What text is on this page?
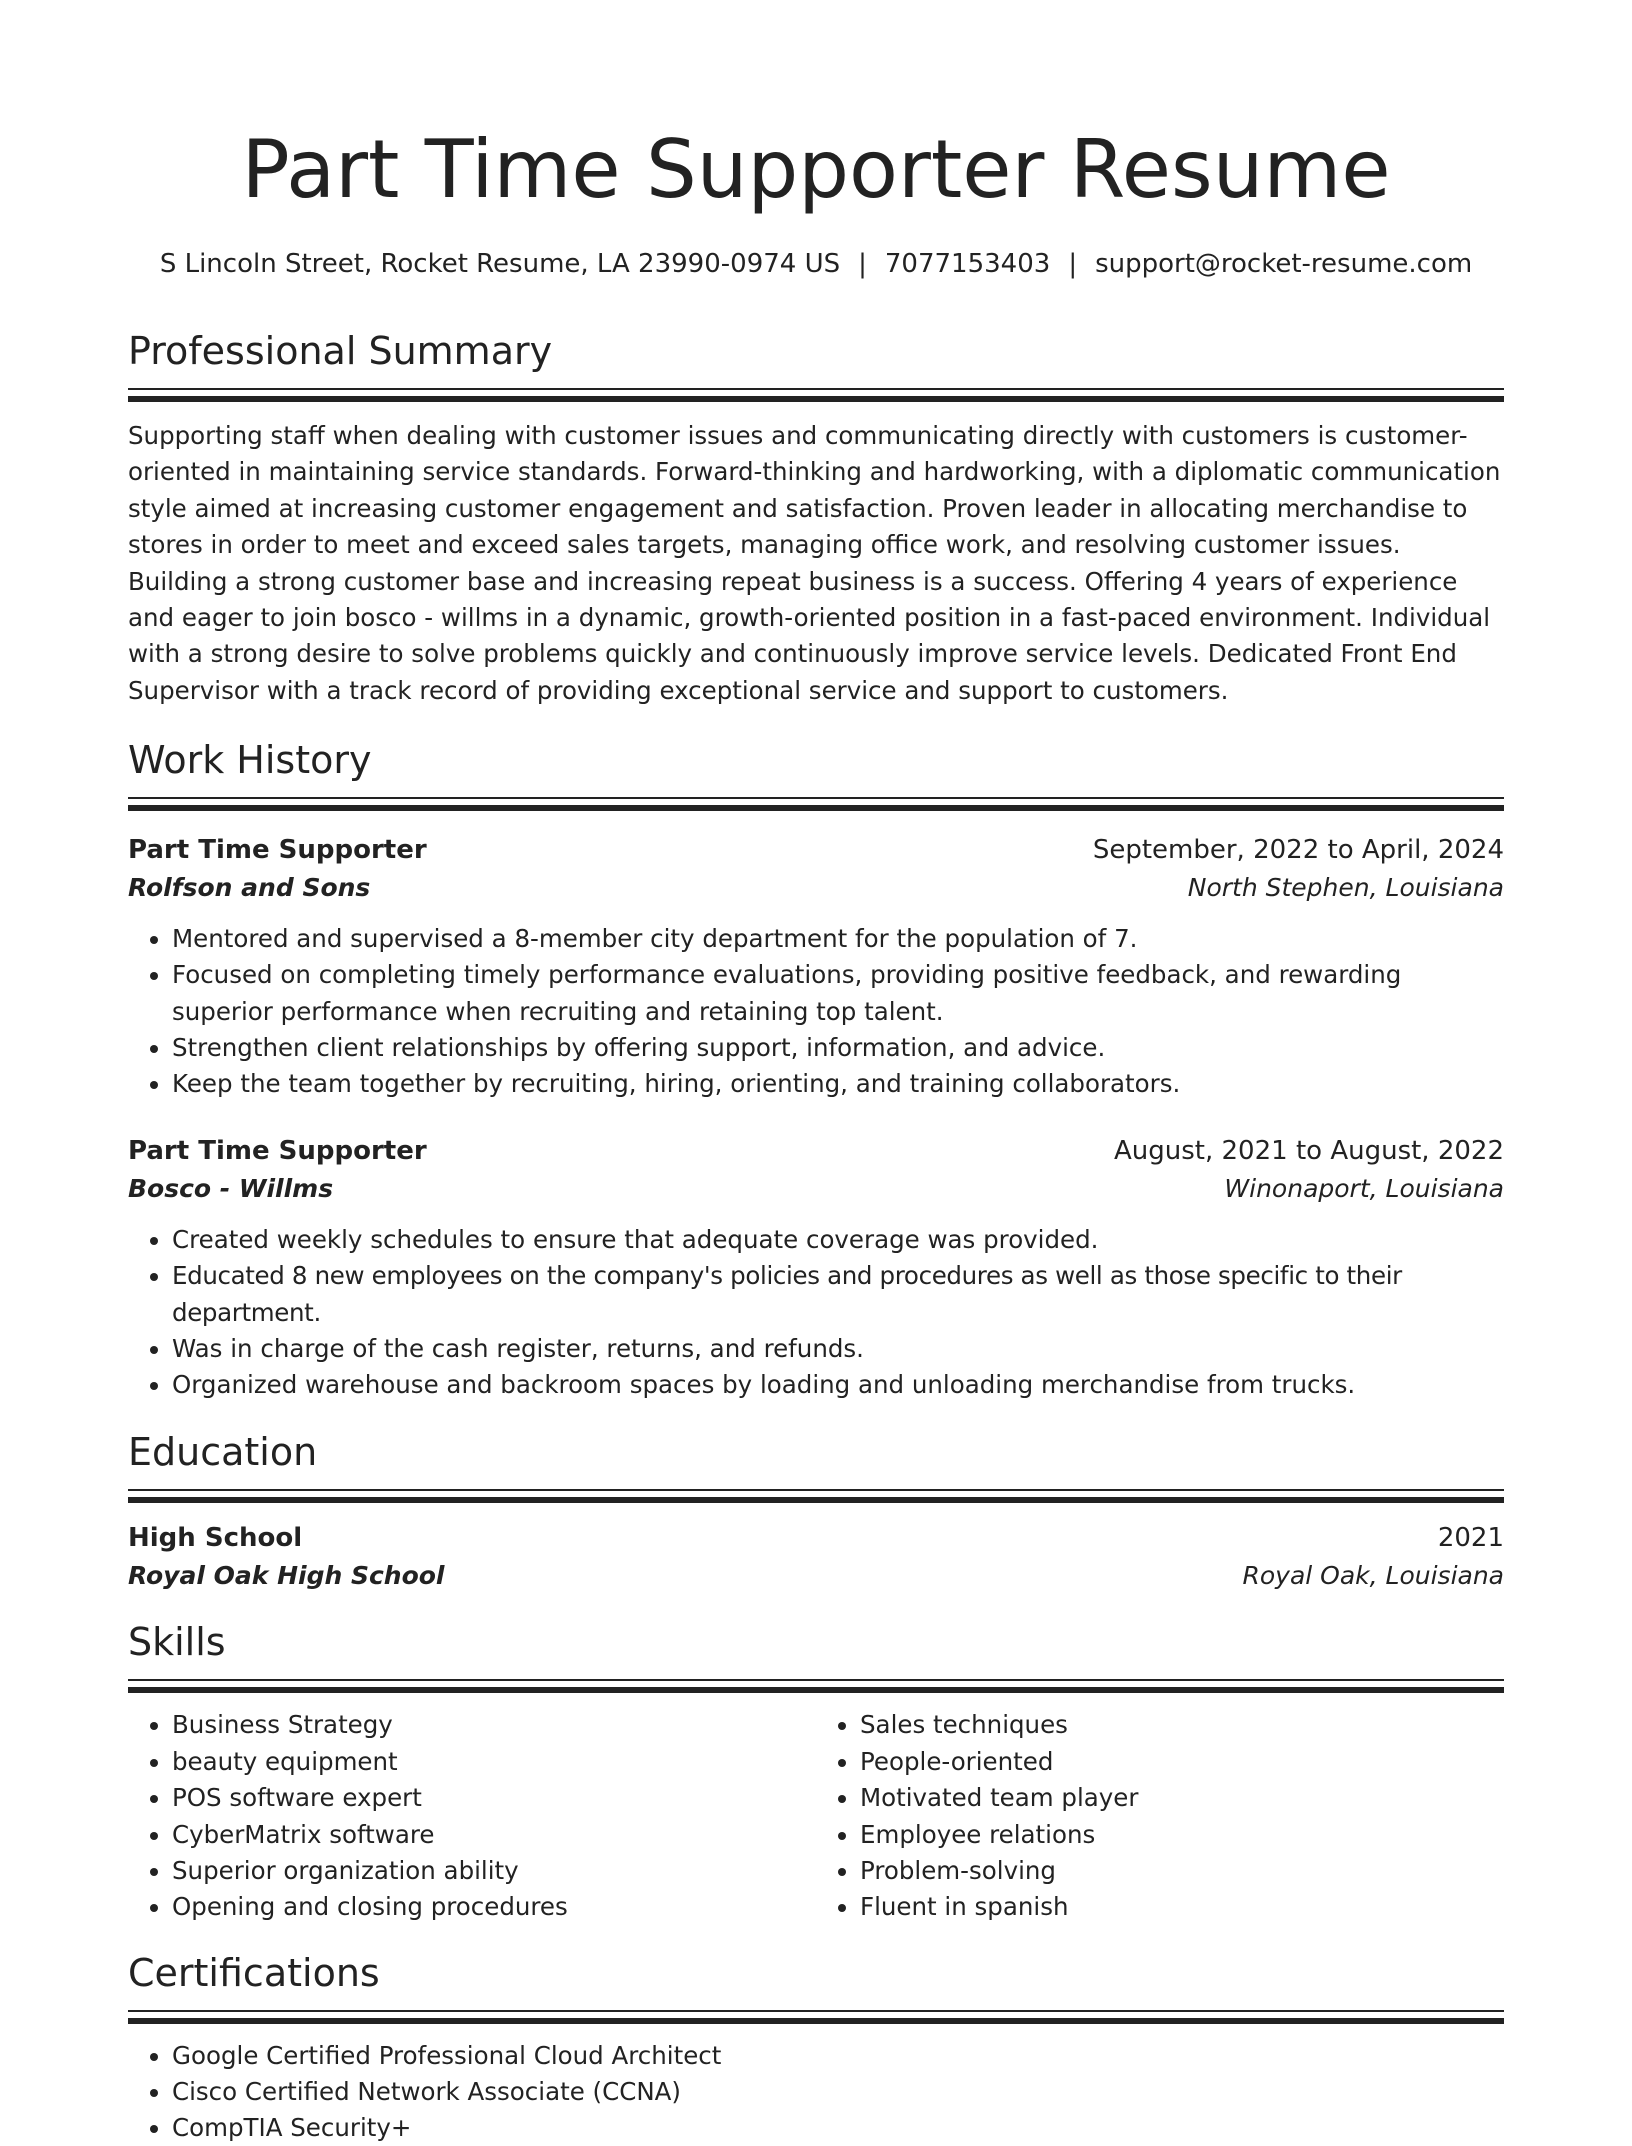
Part Time Supporter Resume
S Lincoln Street, Rocket Resume, LA 23990-0974 US | 7077153403 | support@rocket-resume.com
Professional Summary

Supporting staff when dealing with customer issues and communicating directly with customers is customer-oriented in maintaining service standards. Forward-thinking and hardworking, with a diplomatic communication style aimed at increasing customer engagement and satisfaction. Proven leader in allocating merchandise to stores in order to meet and exceed sales targets, managing office work, and resolving customer issues. Building a strong customer base and increasing repeat business is a success. Offering 4 years of experience and eager to join bosco - willms in a dynamic, growth-oriented position in a fast-paced environment. Individual with a strong desire to solve problems quickly and continuously improve service levels. Dedicated Front End Supervisor with a track record of providing exceptional service and support to customers.

Work History
Part Time Supporter	September, 2022 to April, 2024
Rolfson and Sons	North Stephen, Louisiana
• Mentored and supervised a 8-member city department for the population of 7.
• Focused on completing timely performance evaluations, providing positive feedback, and rewarding superior performance when recruiting and retaining top talent.
• Strengthen client relationships by offering support, information, and advice.
• Keep the team together by recruiting, hiring, orienting, and training collaborators.
Part Time Supporter	August, 2021 to August, 2022
Bosco - Willms	Winonaport, Louisiana
• Created weekly schedules to ensure that adequate coverage was provided.
• Educated 8 new employees on the company's policies and procedures as well as those specific to their department.
• Was in charge of the cash register, returns, and refunds.
• Organized warehouse and backroom spaces by loading and unloading merchandise from trucks.
Education
High School	2021
Royal Oak High School	Royal Oak, Louisiana
Skills
• Business Strategy
• beauty equipment
• POS software expert
• CyberMatrix software
• Superior organization ability
• Opening and closing procedures
• Sales techniques
• People-oriented
• Motivated team player
• Employee relations
• Problem-solving
• Fluent in spanish
Certifications
• Google Certified Professional Cloud Architect
• Cisco Certified Network Associate (CCNA)
• CompTIA Security+
